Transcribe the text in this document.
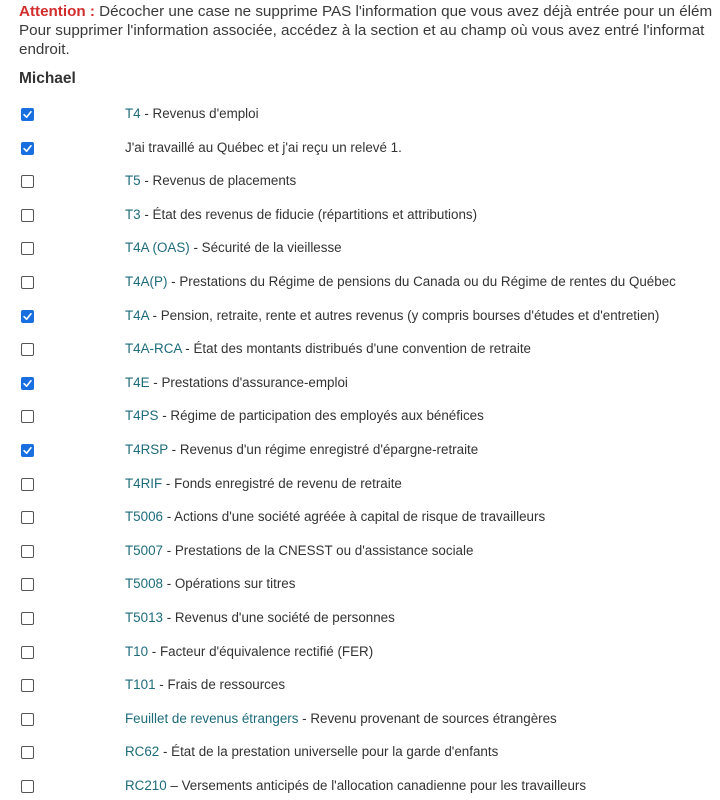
Attention : Décocher une case ne supprime PAS l'information que vous avez déjà entrée pour un élém
Pour supprimer l'information associée, accédez à la section et au champ où vous avez entré l'informat
endroit.
Michael
T4 - Revenus d'emploi
J'ai travaillé au Québec et j'ai reçu un relevé 1.
T5 - Revenus de placements
T3 - État des revenus de fiducie (répartitions et attributions)
T4A (OAS) - Sécurité de la vieillesse
T4A(P) - Prestations du Régime de pensions du Canada ou du Régime de rentes du Québec
T4A - Pension, retraite, rente et autres revenus (y compris bourses d'études et d'entretien)
T4A-RCA - État des montants distribués d'une convention de retraite
T4E - Prestations d'assurance-emploi
T4PS - Régime de participation des employés aux bénéfices
T4RSP - Revenus d'un régime enregistré d'épargne-retraite
T4RIF - Fonds enregistré de revenu de retraite
T5006 - Actions d'une société agréée à capital de risque de travailleurs
T5007 - Prestations de la CNESST ou d'assistance sociale
T5008 - Opérations sur titres
T5013 - Revenus d'une société de personnes
T10 - Facteur d'équivalence rectifié (FER)
T101 - Frais de ressources
Feuillet de revenus étrangers - Revenu provenant de sources étrangères
RC62 - État de la prestation universelle pour la garde d'enfants
RC210 – Versements anticipés de l'allocation canadienne pour les travailleurs
